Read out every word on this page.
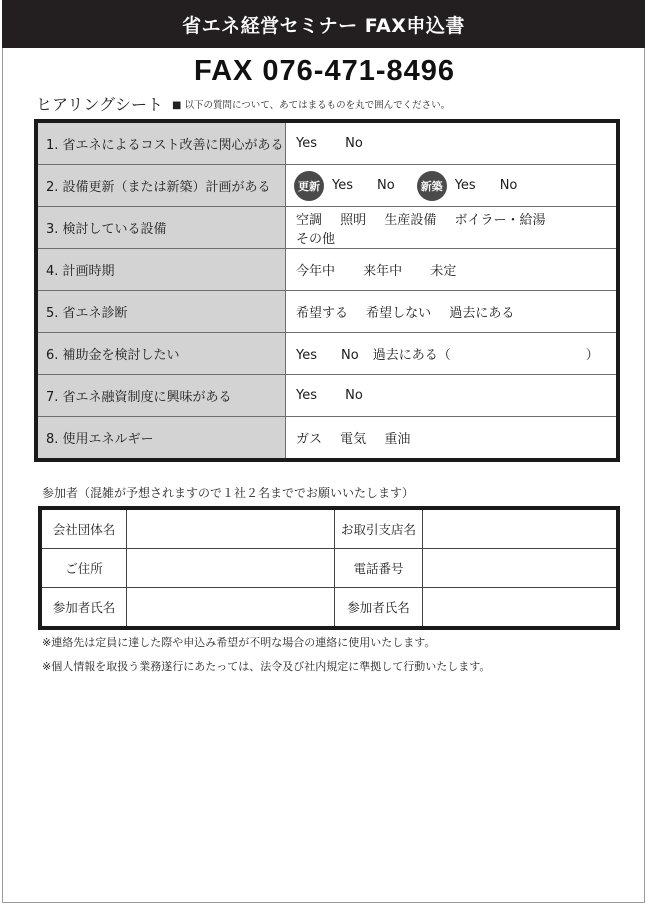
省エネ経営セミナー FAX申込書
FAX 076-471-8496
ヒアリングシート ■ 以下の質問について、あてはまるものを丸で囲んでください。
1. 省エネによるコスト改善に関心がある	Yes No
2. 設備更新（または新築）計画がある	更新 Yes No 新築 Yes No
3. 検討している設備	空調 照明 生産設備 ボイラー・給湯 その他
4. 計画時期	今年中 来年中 未定
5. 省エネ診断	希望する 希望しない 過去にある
6. 補助金を検討したい	Yes No 過去にある（ ）
7. 省エネ融資制度に興味がある	Yes No
8. 使用エネルギー	ガス 電気 重油
参加者（混雑が予想されますので１社２名まででお願いいたします）
会社団体名		お取引支店名	
ご住所		電話番号	
参加者氏名		参加者氏名	
※連絡先は定員に達した際や申込み希望が不明な場合の連絡に使用いたします。
※個人情報を取扱う業務遂行にあたっては、法令及び社内規定に準拠して行動いたします。
